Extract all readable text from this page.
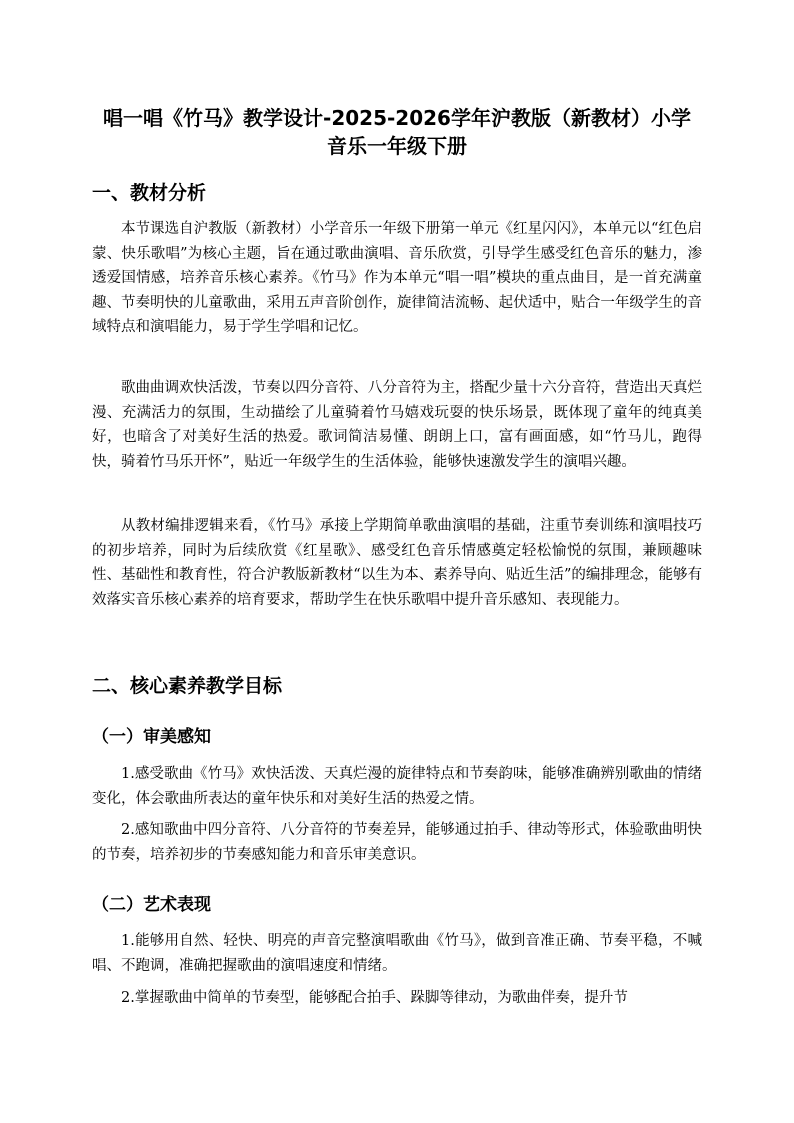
唱一唱《竹马》教学设计-2025-2026学年沪教版（新教材）小学音乐一年级下册
一、教材分析

本节课选自沪教版（新教材）小学音乐一年级下册第一单元《红星闪闪》，本单元以“红色启蒙、快乐歌唱”为核心主题，旨在通过歌曲演唱、音乐欣赏，引导学生感受红色音乐的魅力，渗透爱国情感，培养音乐核心素养。《竹马》作为本单元“唱一唱”模块的重点曲目，是一首充满童趣、节奏明快的儿童歌曲，采用五声音阶创作，旋律简洁流畅、起伏适中，贴合一年级学生的音域特点和演唱能力，易于学生学唱和记忆。

歌曲曲调欢快活泼，节奏以四分音符、八分音符为主，搭配少量十六分音符，营造出天真烂漫、充满活力的氛围，生动描绘了儿童骑着竹马嬉戏玩耍的快乐场景，既体现了童年的纯真美好，也暗含了对美好生活的热爱。歌词简洁易懂、朗朗上口，富有画面感，如“竹马儿，跑得快，骑着竹马乐开怀”，贴近一年级学生的生活体验，能够快速激发学生的演唱兴趣。

从教材编排逻辑来看，《竹马》承接上学期简单歌曲演唱的基础，注重节奏训练和演唱技巧的初步培养，同时为后续欣赏《红星歌》、感受红色音乐情感奠定轻松愉悦的氛围，兼顾趣味性、基础性和教育性，符合沪教版新教材“以生为本、素养导向、贴近生活”的编排理念，能够有效落实音乐核心素养的培育要求，帮助学生在快乐歌唱中提升音乐感知、表现能力。

二、核心素养教学目标
（一）审美感知

1.感受歌曲《竹马》欢快活泼、天真烂漫的旋律特点和节奏韵味，能够准确辨别歌曲的情绪变化，体会歌曲所表达的童年快乐和对美好生活的热爱之情。

2.感知歌曲中四分音符、八分音符的节奏差异，能够通过拍手、律动等形式，体验歌曲明快的节奏，培养初步的节奏感知能力和音乐审美意识。

（二）艺术表现

1.能够用自然、轻快、明亮的声音完整演唱歌曲《竹马》，做到音准正确、节奏平稳，不喊唱、不跑调，准确把握歌曲的演唱速度和情绪。

2.掌握歌曲中简单的节奏型，能够配合拍手、跺脚等律动，为歌曲伴奏，提升节
